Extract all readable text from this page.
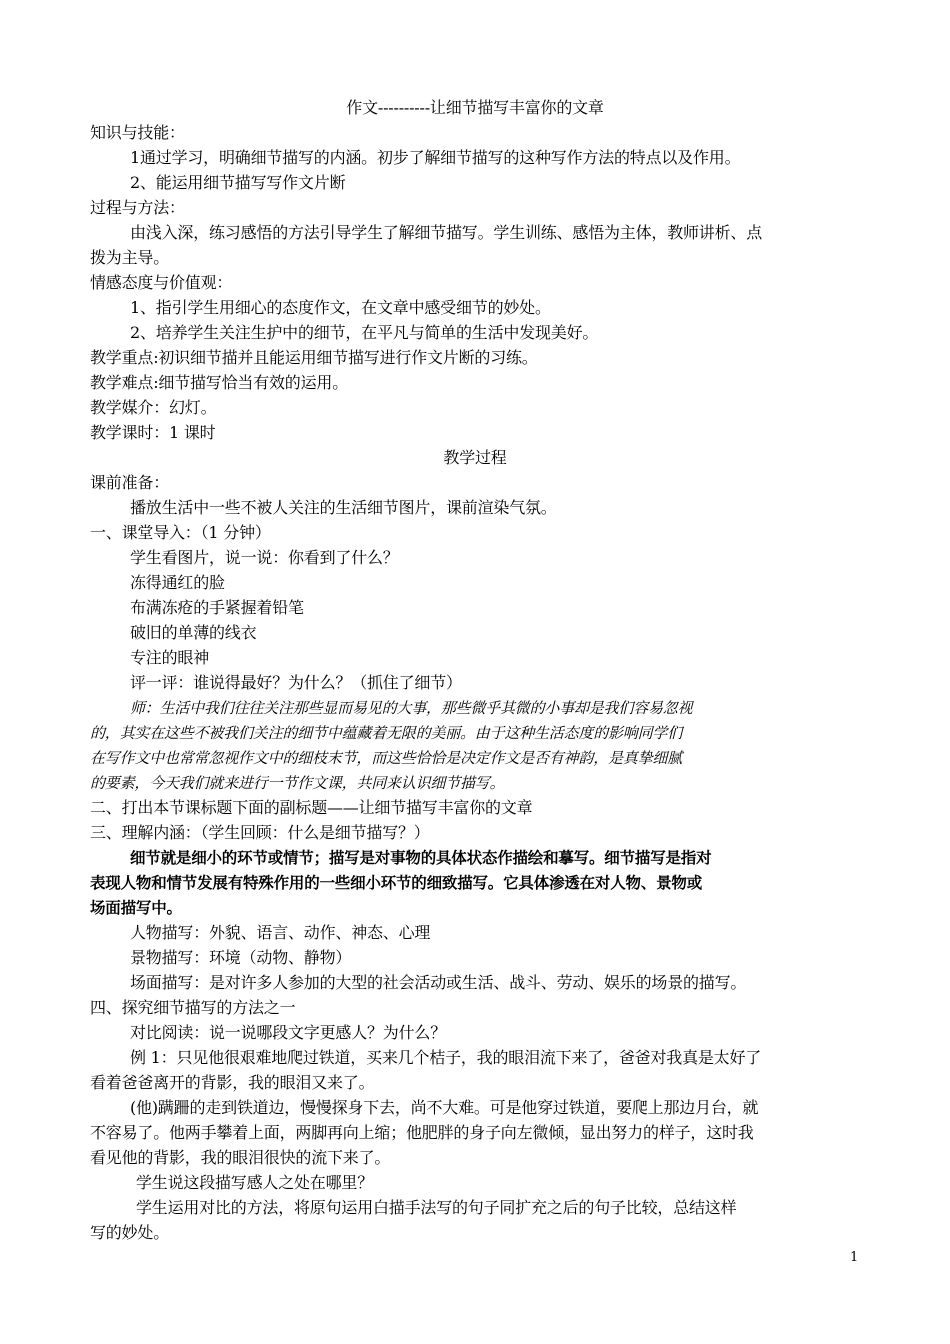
作文----------让细节描写丰富你的文章
知识与技能：
1通过学习，明确细节描写的内涵。初步了解细节描写的这种写作方法的特点以及作用。
2、能运用细节描写写作文片断
过程与方法：
由浅入深，练习感悟的方法引导学生了解细节描写。学生训练、感悟为主体，教师讲析、点
拨为主导。
情感态度与价值观：
1、指引学生用细心的态度作文，在文章中感受细节的妙处。
2、培养学生关注生护中的细节，在平凡与简单的生活中发现美好。
教学重点:初识细节描并且能运用细节描写进行作文片断的习练。
教学难点:细节描写恰当有效的运用。
教学媒介：幻灯。
教学课时：1 课时
教学过程
课前准备：
播放生活中一些不被人关注的生活细节图片，课前渲染气氛。
一、课堂导入：（1 分钟）
学生看图片，说一说：你看到了什么？
冻得通红的脸
布满冻疮的手紧握着铅笔
破旧的单薄的线衣
专注的眼神
评一评：谁说得最好？为什么？（抓住了细节）
师：生活中我们往往关注那些显而易见的大事，那些微乎其微的小事却是我们容易忽视
的，其实在这些不被我们关注的细节中蕴藏着无限的美丽。由于这种生活态度的影响同学们
在写作文中也常常忽视作文中的细枝末节，而这些恰恰是决定作文是否有神韵，是真挚细腻
的要素，今天我们就来进行一节作文课，共同来认识细节描写。
二、打出本节课标题下面的副标题——让细节描写丰富你的文章
三、理解内涵：（学生回顾：什么是细节描写？）
细节就是细小的环节或情节；描写是对事物的具体状态作描绘和摹写。细节描写是指对
表现人物和情节发展有特殊作用的一些细小环节的细致描写。它具体渗透在对人物、景物或
场面描写中。
人物描写：外貌、语言、动作、神态、心理
景物描写：环境（动物、静物）
场面描写：是对许多人参加的大型的社会活动或生活、战斗、劳动、娱乐的场景的描写。
四、探究细节描写的方法之一
对比阅读：说一说哪段文字更感人？为什么？
例 1：只见他很艰难地爬过铁道，买来几个桔子，我的眼泪流下来了，爸爸对我真是太好了
看着爸爸离开的背影，我的眼泪又来了。
(他)蹒跚的走到铁道边，慢慢探身下去，尚不大难。可是他穿过铁道，要爬上那边月台，就
不容易了。他两手攀着上面，两脚再向上缩；他肥胖的身子向左微倾，显出努力的样子，这时我
看见他的背影，我的眼泪很快的流下来了。
学生说这段描写感人之处在哪里？
学生运用对比的方法，将原句运用白描手法写的句子同扩充之后的句子比较，总结这样
写的妙处。
1
